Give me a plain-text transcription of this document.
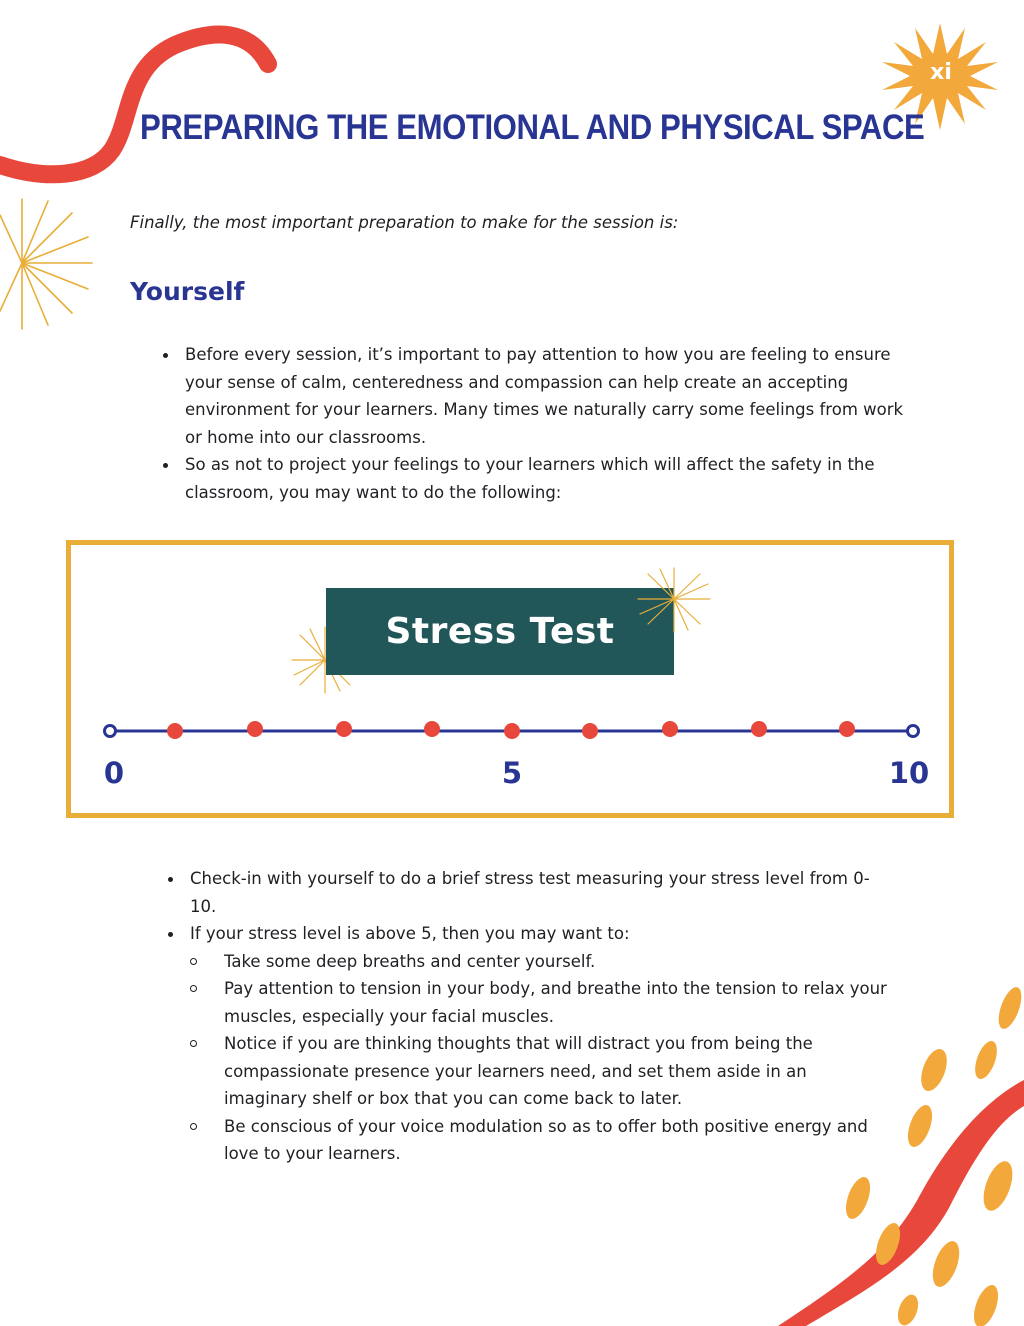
xi
PREPARING THE EMOTIONAL AND PHYSICAL SPACE

Finally, the most important preparation to make for the session is:

Yourself
Before every session, it’s important to pay attention to how you are feeling to ensure your sense of calm, centeredness and compassion can help create an accepting environment for your learners. Many times we naturally carry some feelings from work or home into our classrooms.
So as not to project your feelings to your learners which will affect the safety in the classroom, you may want to do the following:
Stress Test

0	5	10

Check-in with yourself to do a brief stress test measuring your stress level from 0-10.
If your stress level is above 5, then you may want to:
Take some deep breaths and center yourself.
Pay attention to tension in your body, and breathe into the tension to relax your muscles, especially your facial muscles.
Notice if you are thinking thoughts that will distract you from being the compassionate presence your learners need, and set them aside in an imaginary shelf or box that you can come back to later.
Be conscious of your voice modulation so as to offer both positive energy and love to your learners.
